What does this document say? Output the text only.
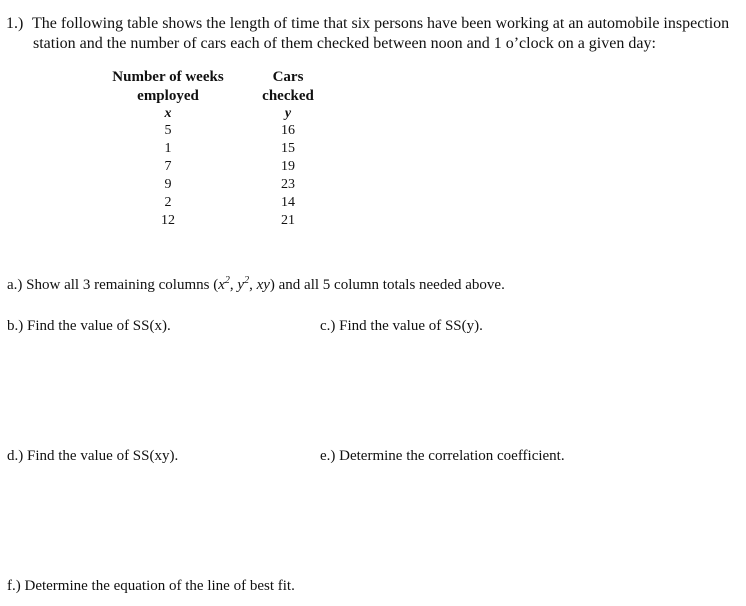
1.) The following table shows the length of time that six persons have been working at an automobile inspection
station and the number of cars each of them checked between noon and 1 o’clock on a given day:

Number of weeks
employed		Cars
checked
x		y
5		16
1		15
7		19
9		23
2		14
12		21
a.) Show all 3 remaining columns ($x^2$, $y^2$, xy) and all 5 column totals needed above.
b.) Find the value of SS(x).	c.) Find the value of SS(y).
d.) Find the value of SS(xy).	e.) Determine the correlation coefficient.
f.) Determine the equation of the line of best fit.
